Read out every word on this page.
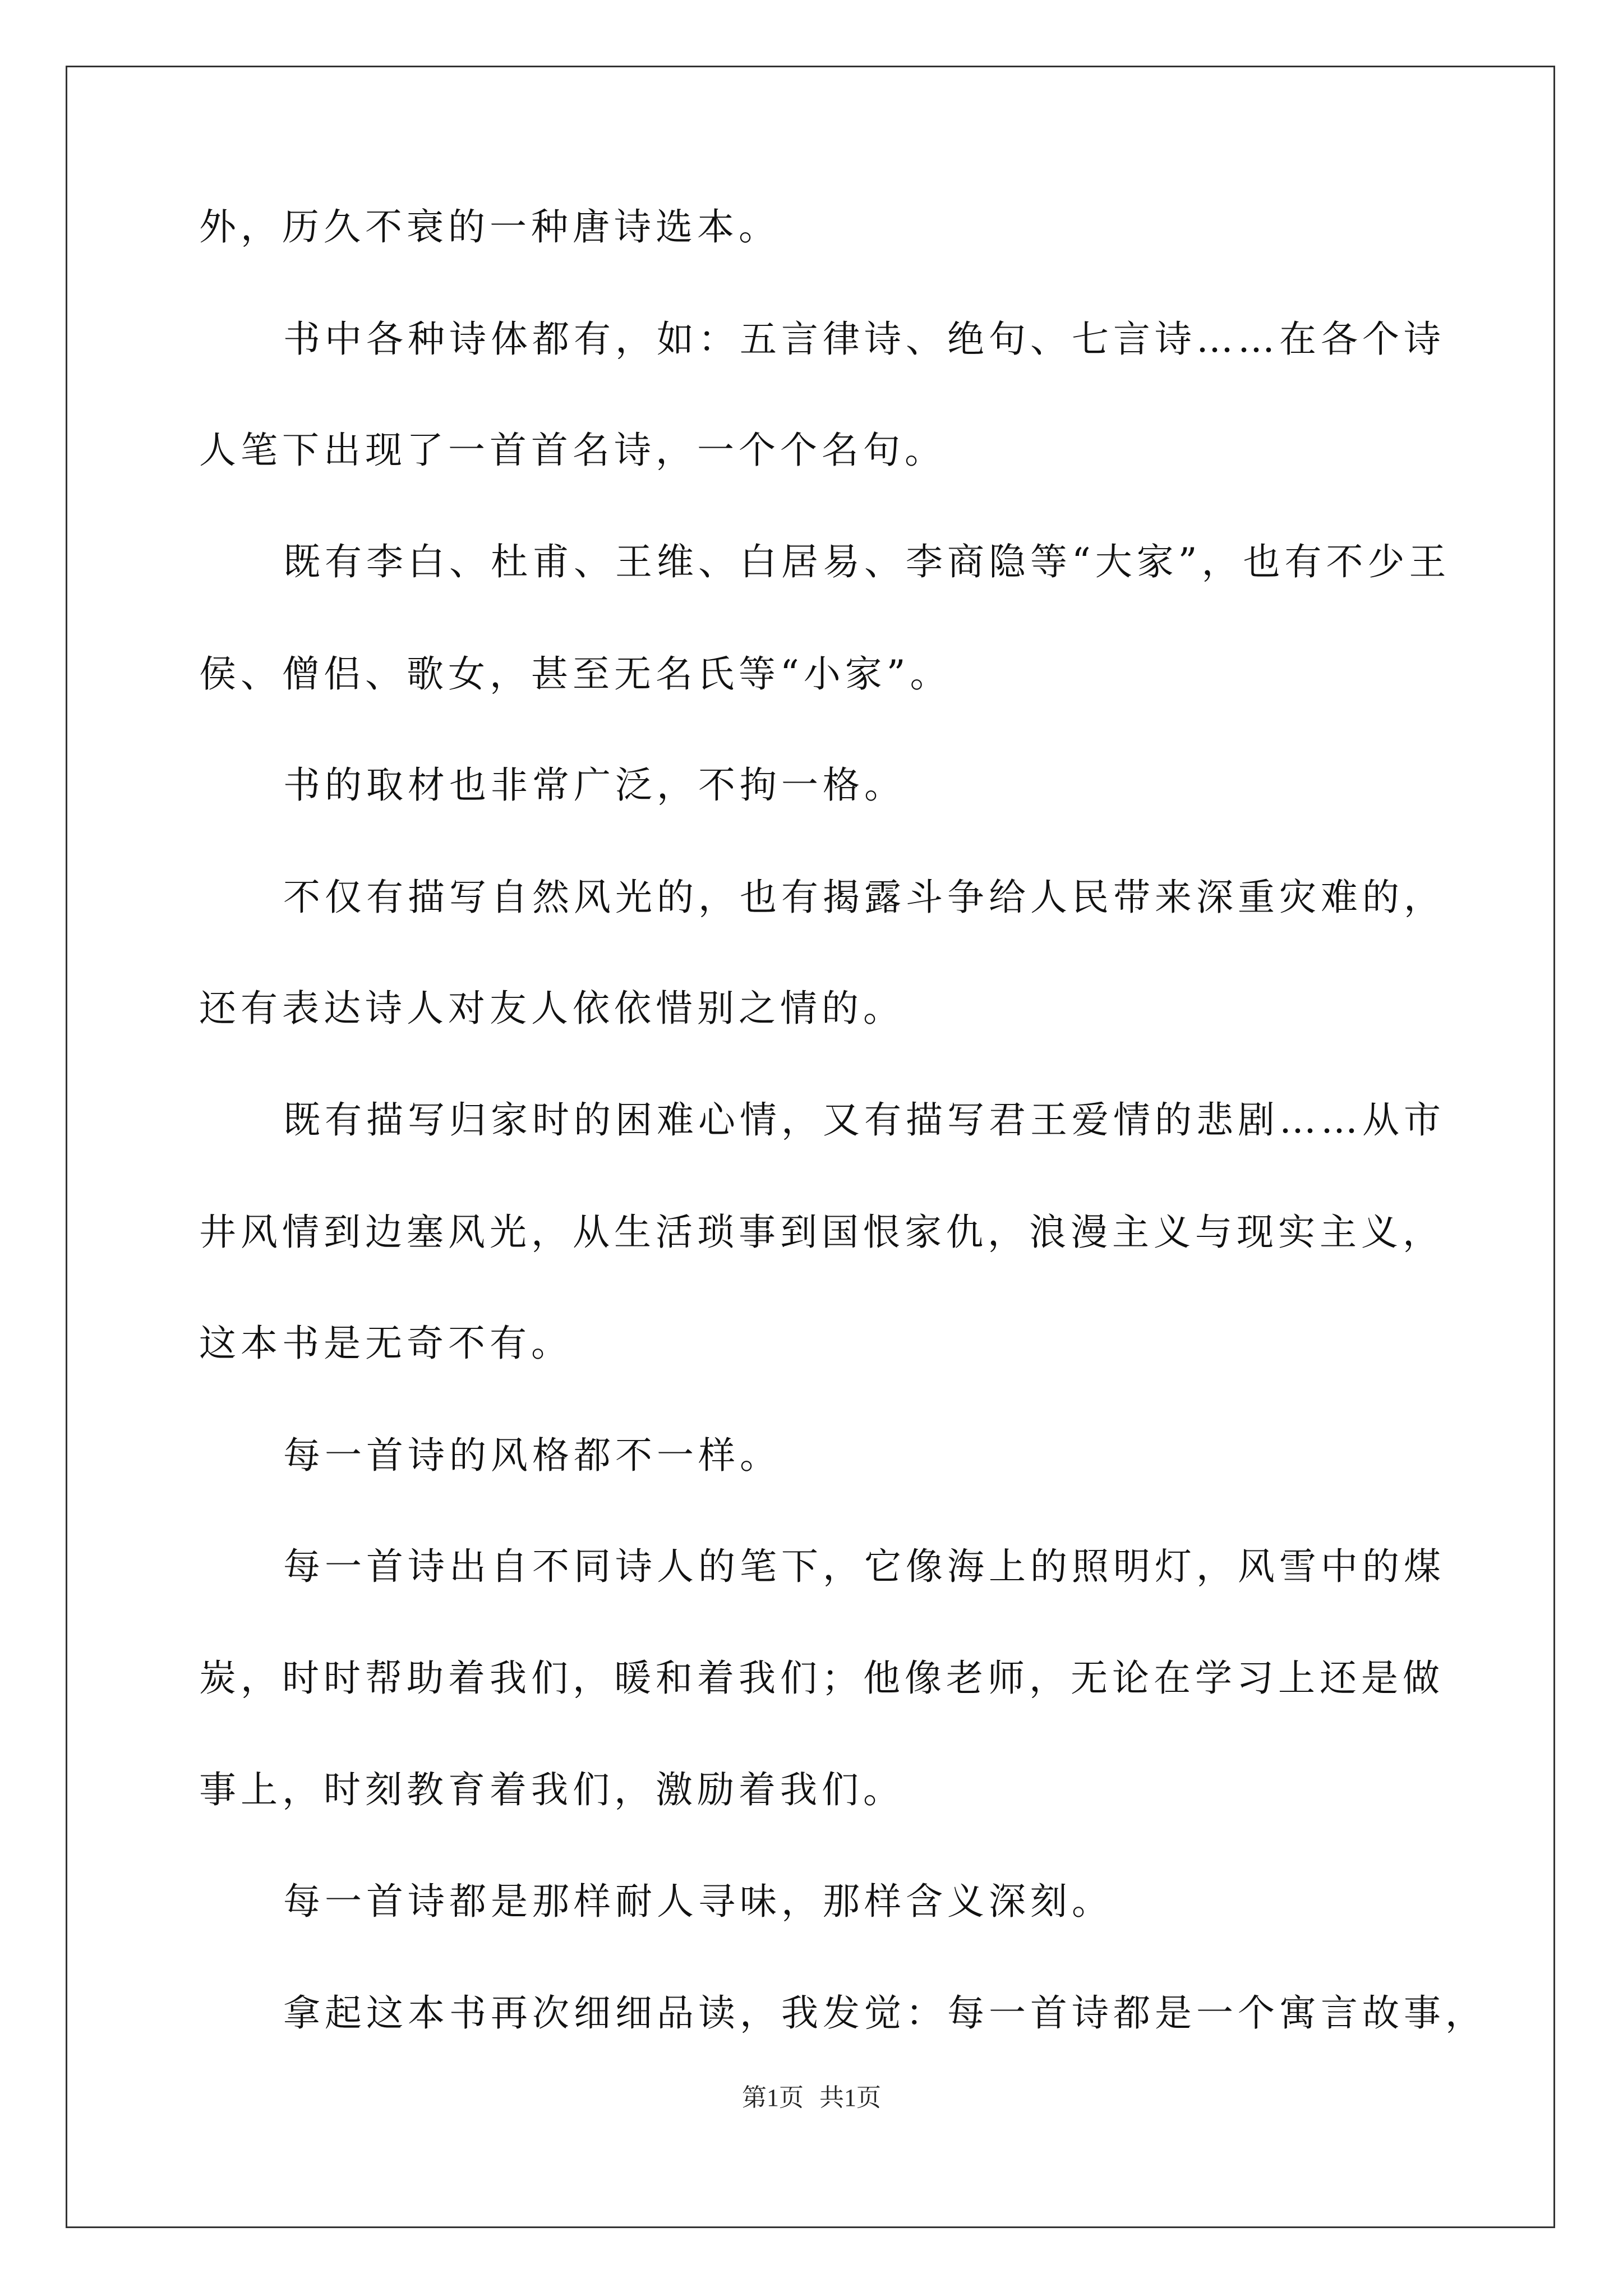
外，历久不衰的一种唐诗选本。
书中各种诗体都有，如：五言律诗、绝句、七言诗……在各个诗
人笔下出现了一首首名诗，一个个名句。
既有李白、杜甫、王维、白居易、李商隐等“大家”，也有不少王
侯、僧侣、歌女，甚至无名氏等“小家”。
书的取材也非常广泛，不拘一格。
不仅有描写自然风光的，也有揭露斗争给人民带来深重灾难的，
还有表达诗人对友人依依惜别之情的。
既有描写归家时的困难心情，又有描写君王爱情的悲剧……从市
井风情到边塞风光，从生活琐事到国恨家仇，浪漫主义与现实主义，
这本书是无奇不有。
每一首诗的风格都不一样。
每一首诗出自不同诗人的笔下，它像海上的照明灯，风雪中的煤
炭，时时帮助着我们，暖和着我们；他像老师，无论在学习上还是做
事上，时刻教育着我们，激励着我们。
每一首诗都是那样耐人寻味，那样含义深刻。
拿起这本书再次细细品读，我发觉：每一首诗都是一个寓言故事，
第1页 共1页
